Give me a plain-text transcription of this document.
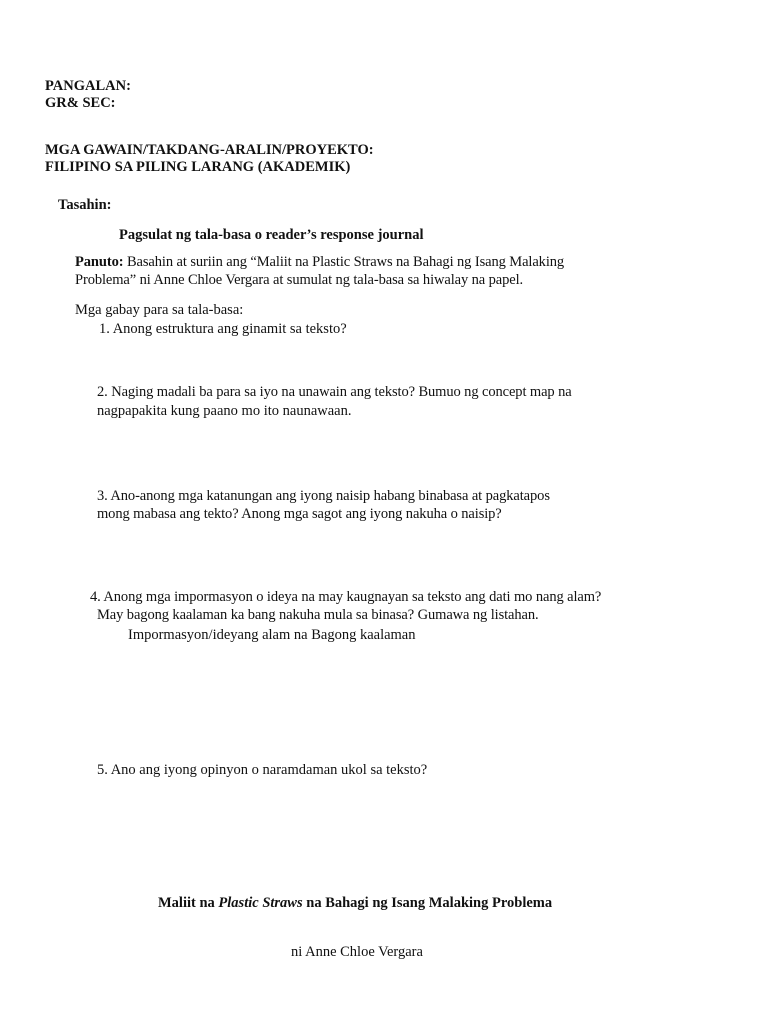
PANGALAN:
GR& SEC:
MGA GAWAIN/TAKDANG-ARALIN/PROYEKTO:
FILIPINO SA PILING LARANG (AKADEMIK)
Tasahin:
Pagsulat ng tala-basa o reader’s response journal
Panuto: Basahin at suriin ang “Maliit na Plastic Straws na Bahagi ng Isang Malaking
Problema” ni Anne Chloe Vergara at sumulat ng tala-basa sa hiwalay na papel.
Mga gabay para sa tala-basa:
1. Anong estruktura ang ginamit sa teksto?
2. Naging madali ba para sa iyo na unawain ang teksto? Bumuo ng concept map na
nagpapakita kung paano mo ito naunawaan.
3. Ano-anong mga katanungan ang iyong naisip habang binabasa at pagkatapos
mong mabasa ang tekto? Anong mga sagot ang iyong nakuha o naisip?
4. Anong mga impormasyon o ideya na may kaugnayan sa teksto ang dati mo nang alam?
May bagong kaalaman ka bang nakuha mula sa binasa? Gumawa ng listahan.
Impormasyon/ideyang alam na Bagong kaalaman
5. Ano ang iyong opinyon o naramdaman ukol sa teksto?
Maliit na Plastic Straws na Bahagi ng Isang Malaking Problema
ni Anne Chloe Vergara
